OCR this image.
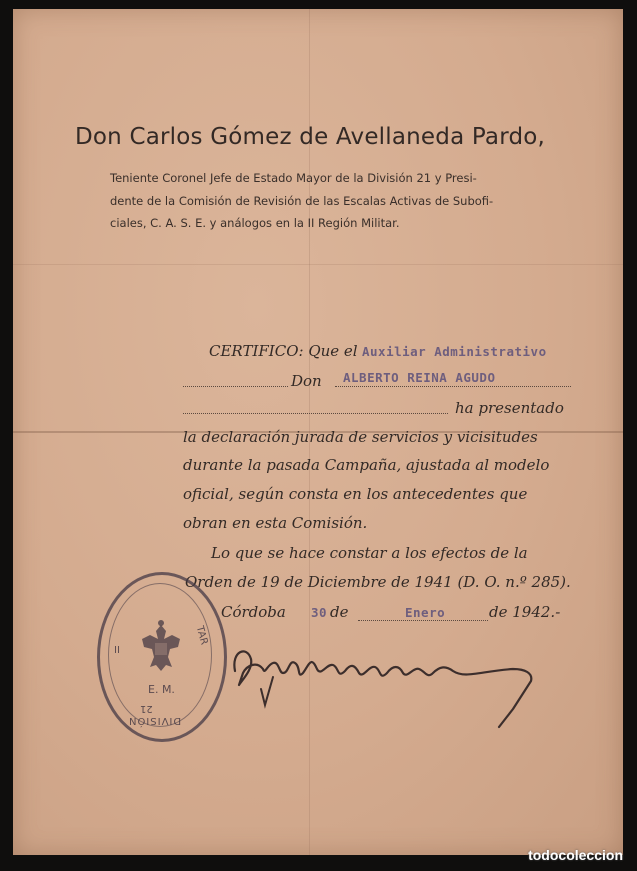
Don Carlos Gómez de Avellaneda Pardo,
Teniente Coronel Jefe de Estado Mayor de la División 21 y Presi-
dente de la Comisión de Revisión de las Escalas Activas de Subofi-
ciales, C. A. S. E. y análogos en la II Región Militar.
CERTIFICO: Que el Auxiliar Administrativo
Don ALBERTO REINA AGUDO
ha presentado
la declaración jurada de servicios y vicisitudes
durante la pasada Campaña, ajustada al modelo
oficial, según consta en los antecedentes que
obran en esta Comisión.
Lo que se hace constar a los efectos de la
Orden de 19 de Diciembre de 1941 (D. O. n.º 285).
Córdoba 30 de	Enero	de 1942.-
II
TAR
E. M.
21
DIVISIÓN
todocoleccion
